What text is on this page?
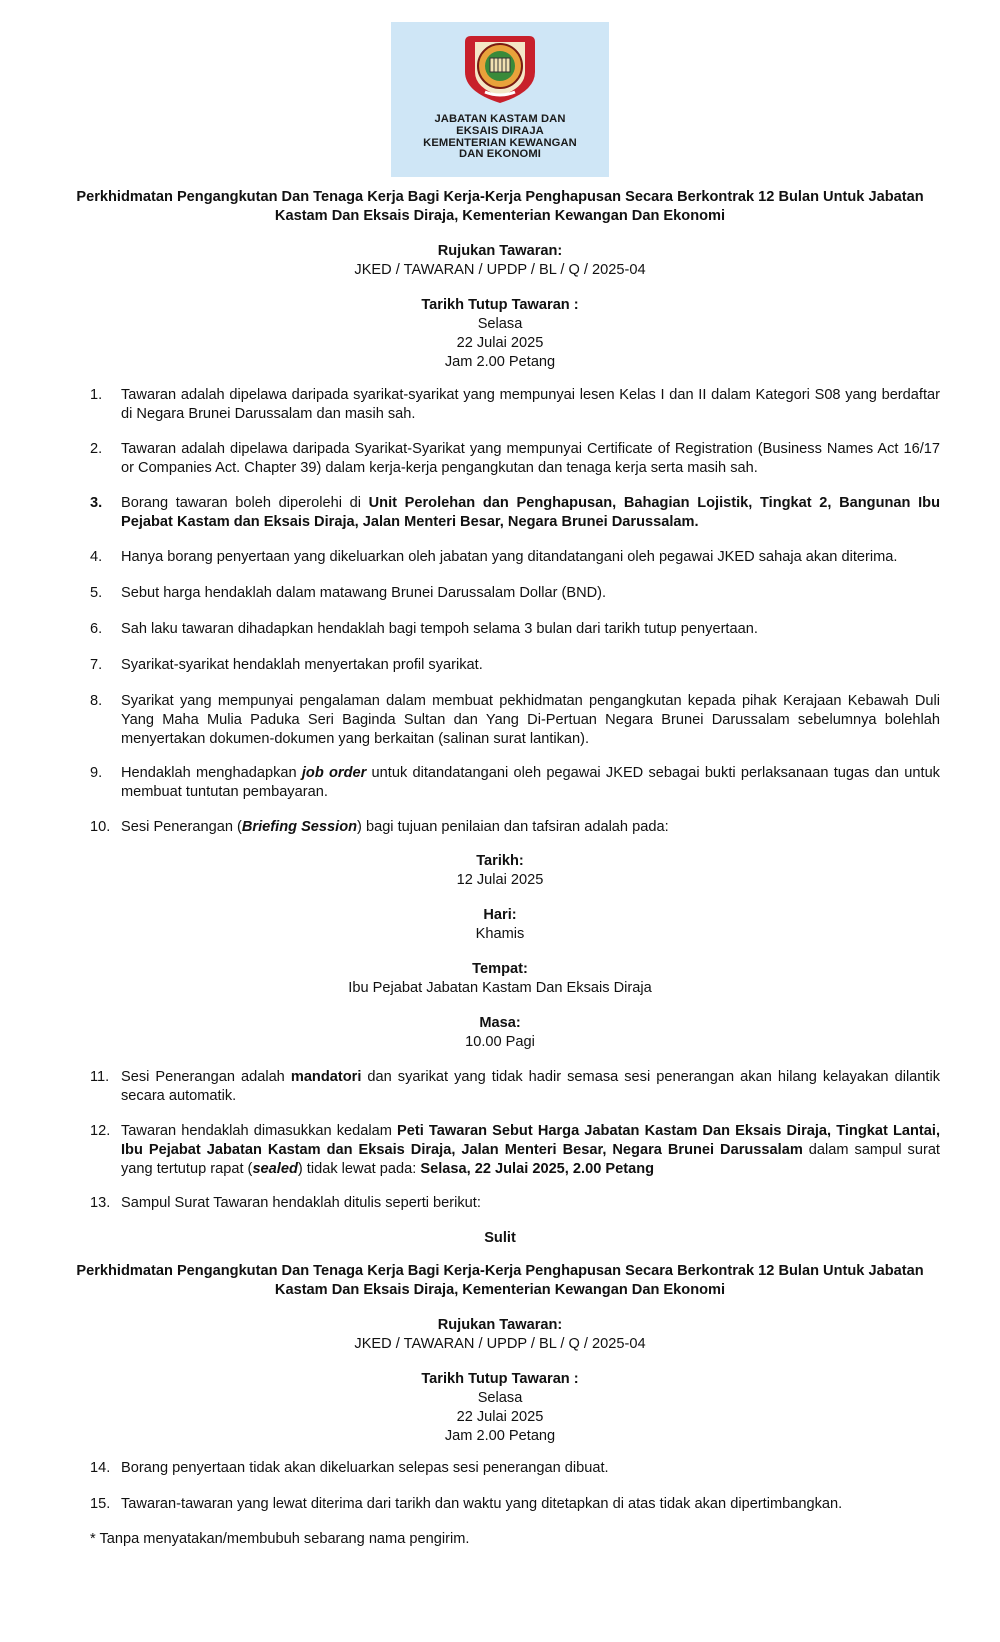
JABATAN KASTAM DAN
EKSAIS DIRAJA
KEMENTERIAN KEWANGAN
DAN EKONOMI
Perkhidmatan Pengangkutan Dan Tenaga Kerja Bagi Kerja-Kerja Penghapusan Secara Berkontrak 12 Bulan Untuk Jabatan Kastam Dan Eksais Diraja, Kementerian Kewangan Dan Ekonomi
Rujukan Tawaran:
JKED / TAWARAN / UPDP / BL / Q / 2025-04
Tarikh Tutup Tawaran :
Selasa
22 Julai 2025
Jam 2.00 Petang
1.	Tawaran adalah dipelawa daripada syarikat-syarikat yang mempunyai lesen Kelas I dan II dalam Kategori S08 yang berdaftar di Negara Brunei Darussalam dan masih sah.
2.	Tawaran adalah dipelawa daripada Syarikat-Syarikat yang mempunyai Certificate of Registration (Business Names Act 16/17 or Companies Act. Chapter 39) dalam kerja-kerja pengangkutan dan tenaga kerja serta masih sah.
3.	Borang tawaran boleh diperolehi di Unit Perolehan dan Penghapusan, Bahagian Lojistik, Tingkat 2, Bangunan Ibu Pejabat Kastam dan Eksais Diraja, Jalan Menteri Besar, Negara Brunei Darussalam.
4.	Hanya borang penyertaan yang dikeluarkan oleh jabatan yang ditandatangani oleh pegawai JKED sahaja akan diterima.
5.	Sebut harga hendaklah dalam matawang Brunei Darussalam Dollar (BND).
6.	Sah laku tawaran dihadapkan hendaklah bagi tempoh selama 3 bulan dari tarikh tutup penyertaan.
7.	Syarikat-syarikat hendaklah menyertakan profil syarikat.
8.	Syarikat yang mempunyai pengalaman dalam membuat pekhidmatan pengangkutan kepada pihak Kerajaan Kebawah Duli Yang Maha Mulia Paduka Seri Baginda Sultan dan Yang Di-Pertuan Negara Brunei Darussalam sebelumnya bolehlah menyertakan dokumen-dokumen yang berkaitan (salinan surat lantikan).
9.	Hendaklah menghadapkan job order untuk ditandatangani oleh pegawai JKED sebagai bukti perlaksanaan tugas dan untuk membuat tuntutan pembayaran.
10. Sesi Penerangan (Briefing Session) bagi tujuan penilaian dan tafsiran adalah pada:
Tarikh:
12 Julai 2025
Hari:
Khamis
Tempat:
Ibu Pejabat Jabatan Kastam Dan Eksais Diraja
Masa:
10.00 Pagi
11. Sesi Penerangan adalah mandatori dan syarikat yang tidak hadir semasa sesi penerangan akan hilang kelayakan dilantik secara automatik.
12. Tawaran hendaklah dimasukkan kedalam Peti Tawaran Sebut Harga Jabatan Kastam Dan Eksais Diraja, Tingkat Lantai, Ibu Pejabat Jabatan Kastam dan Eksais Diraja, Jalan Menteri Besar, Negara Brunei Darussalam dalam sampul surat yang tertutup rapat (sealed) tidak lewat pada: Selasa, 22 Julai 2025, 2.00 Petang
13. Sampul Surat Tawaran hendaklah ditulis seperti berikut:
Sulit
Perkhidmatan Pengangkutan Dan Tenaga Kerja Bagi Kerja-Kerja Penghapusan Secara Berkontrak 12 Bulan Untuk Jabatan Kastam Dan Eksais Diraja, Kementerian Kewangan Dan Ekonomi
Rujukan Tawaran:
JKED / TAWARAN / UPDP / BL / Q / 2025-04
Tarikh Tutup Tawaran :
Selasa
22 Julai 2025
Jam 2.00 Petang
14. Borang penyertaan tidak akan dikeluarkan selepas sesi penerangan dibuat.
15. Tawaran-tawaran yang lewat diterima dari tarikh dan waktu yang ditetapkan di atas tidak akan dipertimbangkan.
* Tanpa menyatakan/membubuh sebarang nama pengirim.
